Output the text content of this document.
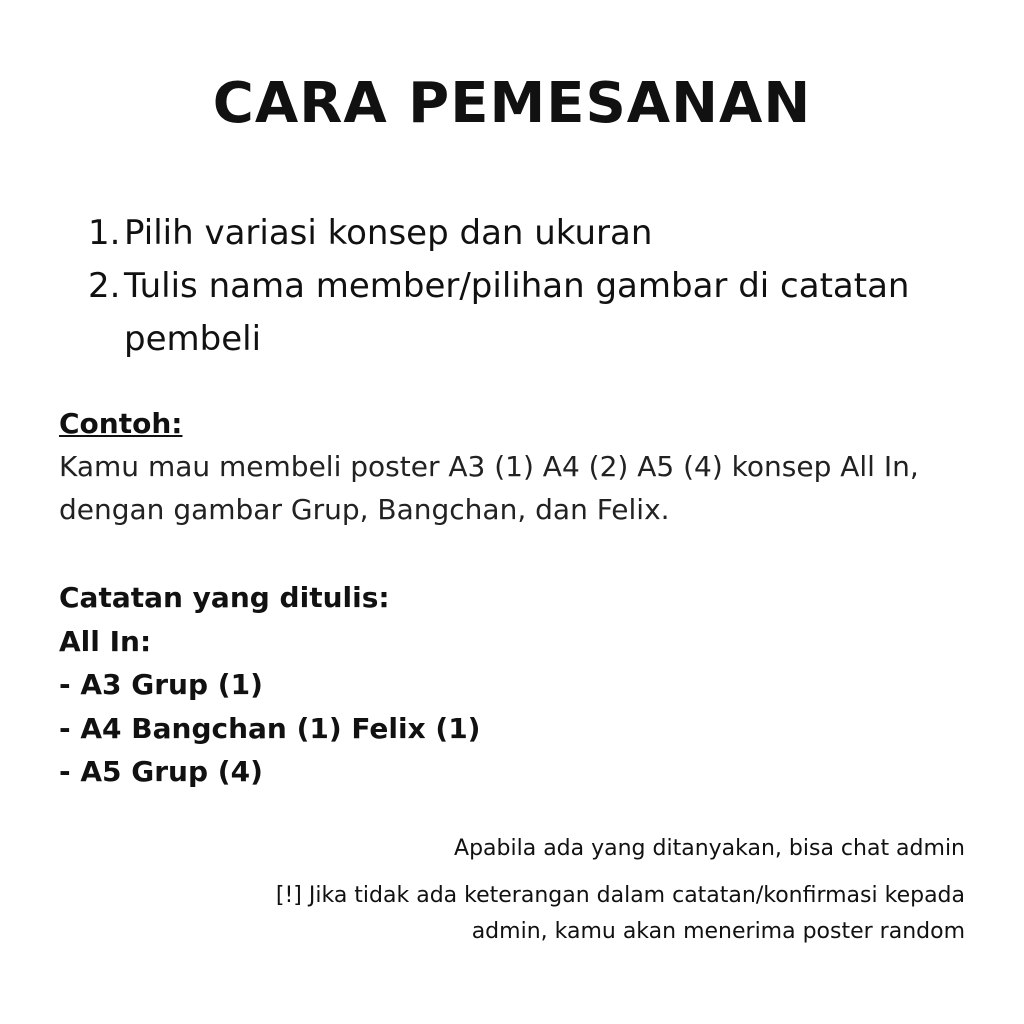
CARA PEMESANAN
1. Pilih variasi konsep dan ukuran
2. Tulis nama member/pilihan gambar di catatan pembeli
Contoh:
Kamu mau membeli poster A3 (1) A4 (2) A5 (4) konsep All In, dengan gambar Grup, Bangchan, dan Felix.
Catatan yang ditulis:
All In:
- A3 Grup (1)
- A4 Bangchan (1) Felix (1)
- A5 Grup (4)
Apabila ada yang ditanyakan, bisa chat admin
[!] Jika tidak ada keterangan dalam catatan/konfirmasi kepada admin, kamu akan menerima poster random
